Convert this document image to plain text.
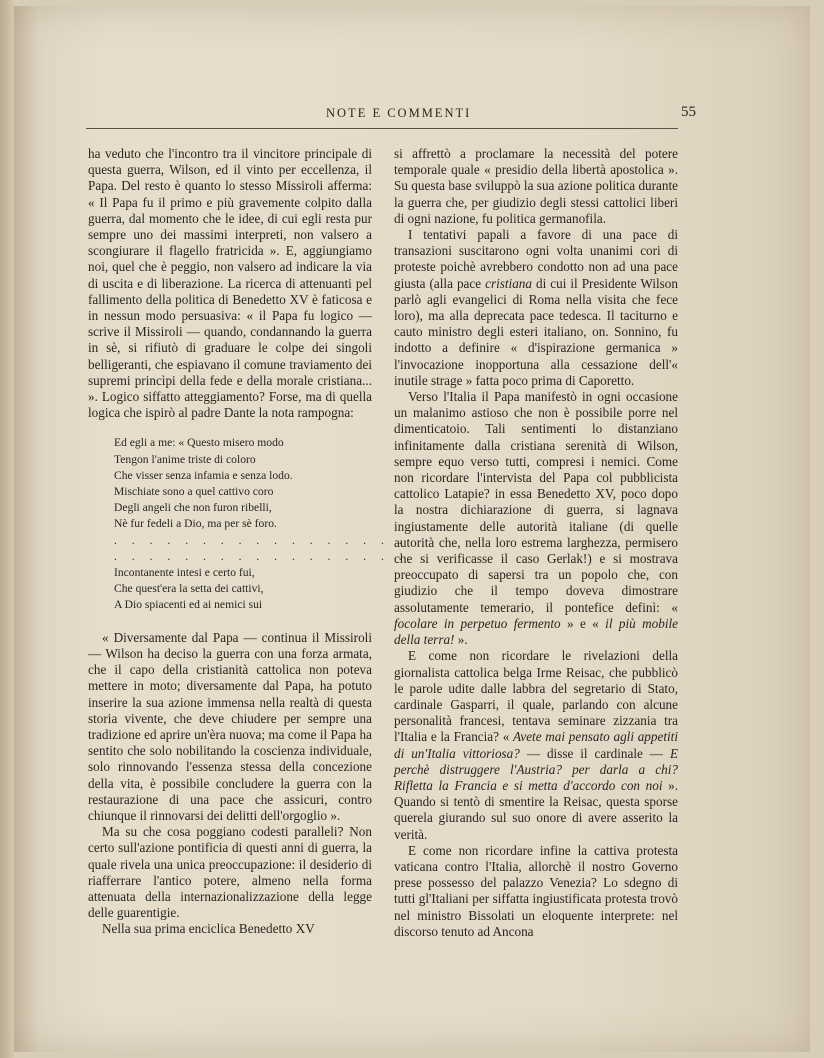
NOTE E COMMENTI	55

ha veduto che l'incontro tra il vincitore principale di questa guerra, Wilson, ed il vinto per eccellenza, il Papa. Del resto è quanto lo stesso Missiroli afferma: « Il Papa fu il primo e più gravemente colpito dalla guerra, dal momento che le idee, di cui egli resta pur sempre uno dei massimi interpreti, non valsero a scongiurare il flagello fratricida ». E, aggiungiamo noi, quel che è peggio, non valsero ad indicare la via di uscita e di liberazione. La ricerca di attenuanti pel fallimento della politica di Benedetto XV è faticosa e in nessun modo persuasiva: « il Papa fu logico — scrive il Missiroli — quando, condannando la guerra in sè, si rifiutò di graduare le colpe dei singoli belligeranti, che espiavano il comune traviamento dei supremi princìpi della fede e della morale cristiana... ». Logico siffatto atteggiamento? Forse, ma di quella logica che ispirò al padre Dante la nota rampogna:

Ed egli a me: « Questo misero modo
Tengon l'anime triste di coloro
Che visser senza infamia e senza lodo.
Mischiate sono a quel cattivo coro
Degli angeli che non furon ribelli,
Nè fur fedeli a Dio, ma per sè foro.
. . . . . . . . . . . . . . . . .
. . . . . . . . . . . . . . . . .
Incontanente intesi e certo fui,
Che quest'era la setta dei cattivi,
A Dio spiacenti ed ai nemici sui

« Diversamente dal Papa — continua il Missiroli — Wilson ha deciso la guerra con una forza armata, che il capo della cristianità cattolica non poteva mettere in moto; diversamente dal Papa, ha potuto inserire la sua azione immensa nella realtà di questa storia vivente, che deve chiudere per sempre una tradizione ed aprire un'èra nuova; ma come il Papa ha sentito che solo nobilitando la coscienza individuale, solo rinnovando l'essenza stessa della concezione della vita, è possibile concludere la guerra con la restaurazione di una pace che assicuri, contro chiunque il rinnovarsi dei delitti dell'orgoglio ».

Ma su che cosa poggiano codesti paralleli? Non certo sull'azione pontificia di questi anni di guerra, la quale rivela una unica preoccupazione: il desiderio di riafferrare l'antico potere, almeno nella forma attenuata della internazionalizzazione della legge delle guarentigie.

Nella sua prima enciclica Benedetto XV

si affrettò a proclamare la necessità del potere temporale quale « presidio della libertà apostolica ». Su questa base sviluppò la sua azione politica durante la guerra che, per giudizio degli stessi cattolici liberi di ogni nazione, fu politica germanofila.

I tentativi papali a favore di una pace di transazioni suscitarono ogni volta unanimi cori di proteste poichè avrebbero condotto non ad una pace giusta (alla pace cristiana di cui il Presidente Wilson parlò agli evangelici di Roma nella visita che fece loro), ma alla deprecata pace tedesca. Il taciturno e cauto ministro degli esteri italiano, on. Sonnino, fu indotto a definire « d'ispirazione germanica » l'invocazione inopportuna alla cessazione dell'« inutile strage » fatta poco prima di Caporetto.

Verso l'Italia il Papa manifestò in ogni occasione un malanimo astioso che non è possibile porre nel dimenticatoio. Tali sentimenti lo distanziano infinitamente dalla cristiana serenità di Wilson, sempre equo verso tutti, compresi i nemici. Come non ricordare l'intervista del Papa col pubblicista cattolico Latapie? in essa Benedetto XV, poco dopo la nostra dichiarazione di guerra, si lagnava ingiustamente delle autorità italiane (di quelle autorità che, nella loro estrema larghezza, permisero che si verificasse il caso Gerlak!) e si mostrava preoccupato di sapersi tra un popolo che, con giudizio che il tempo doveva dimostrare assolutamente temerario, il pontefice definì: « focolare in perpetuo fermento » e « il più mobile della terra! ».

E come non ricordare le rivelazioni della giornalista cattolica belga Irme Reisac, che pubblicò le parole udite dalle labbra del segretario di Stato, cardinale Gasparri, il quale, parlando con alcune personalità francesi, tentava seminare zizzania tra l'Italia e la Francia? « Avete mai pensato agli appetiti di un'Italia vittoriosa? — disse il cardinale — E perchè distruggere l'Austria? per darla a chi? Rifletta la Francia e si metta d'accordo con noi ». Quando si tentò di smentire la Reisac, questa sporse querela giurando sul suo onore di avere asserito la verità.

E come non ricordare infine la cattiva protesta vaticana contro l'Italia, allorchè il nostro Governo prese possesso del palazzo Venezia? Lo sdegno di tutti gl'Italiani per siffatta ingiustificata protesta trovò nel ministro Bissolati un eloquente interprete: nel discorso tenuto ad Ancona
